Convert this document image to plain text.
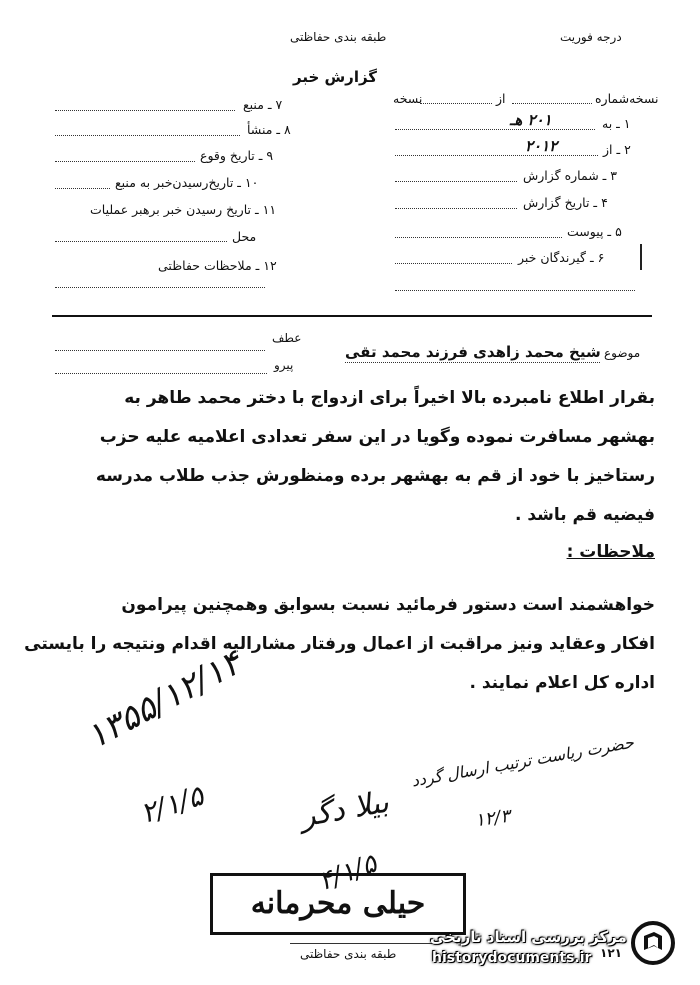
طبقه بندی حفاظتی	درجه فوریت
گزارش خبر
نسخه‌شماره
از
نسخه
۱ ـ به
۲۰۱ هـ
۲ ـ از
۲۰۱۲
۳ ـ شماره گزارش
۴ ـ تاریخ گزارش
۵ ـ پیوست
۶ ـ گیرندگان خبر
۷ ـ منبع
۸ ـ منشأ
۹ ـ تاریخ وقوع
۱۰ ـ تاریخ‌رسیدن‌خبر به منبع
۱۱ ـ تاریخ رسیدن خبر برهبر عملیات
محل
۱۲ ـ ملاحظات حفاظتی
عطف
پیرو
موضوع
شیخ محمد زاهدی فرزند محمد تقی
بقرار اطلاع نامبرده بالا اخیراً برای ازدواج با دختر محمد طاهر به
بهشهر مسافرت نموده وگویا در این سفر تعدادی اعلامیه علیه حزب
رستاخیز با خود از قم به بهشهر برده ومنظورش جذب طلاب مدرسه
فیضیه قم باشد .
ملاحظات :
خواهشمند است دستور فرمائید نسبت بسوابق وهمچنین پیرامون
افکار وعقاید ونیز مراقبت از اعمال ورفتار مشارالیه اقدام ونتیجه را بایستی
اداره کل اعلام نمایند .
۱۳۵۵/۱۲/۱۴
۲/۱/۵
حضرت ریاست ترتیب ارسال گردد
بیلا دگر	۱۲/۳
۴/۱/۵
حیلی محرمانه
طبقه بندی حفاظتی	۱۲۱
مرکز بررسی اسناد تاریخی
historydocuments.ir
